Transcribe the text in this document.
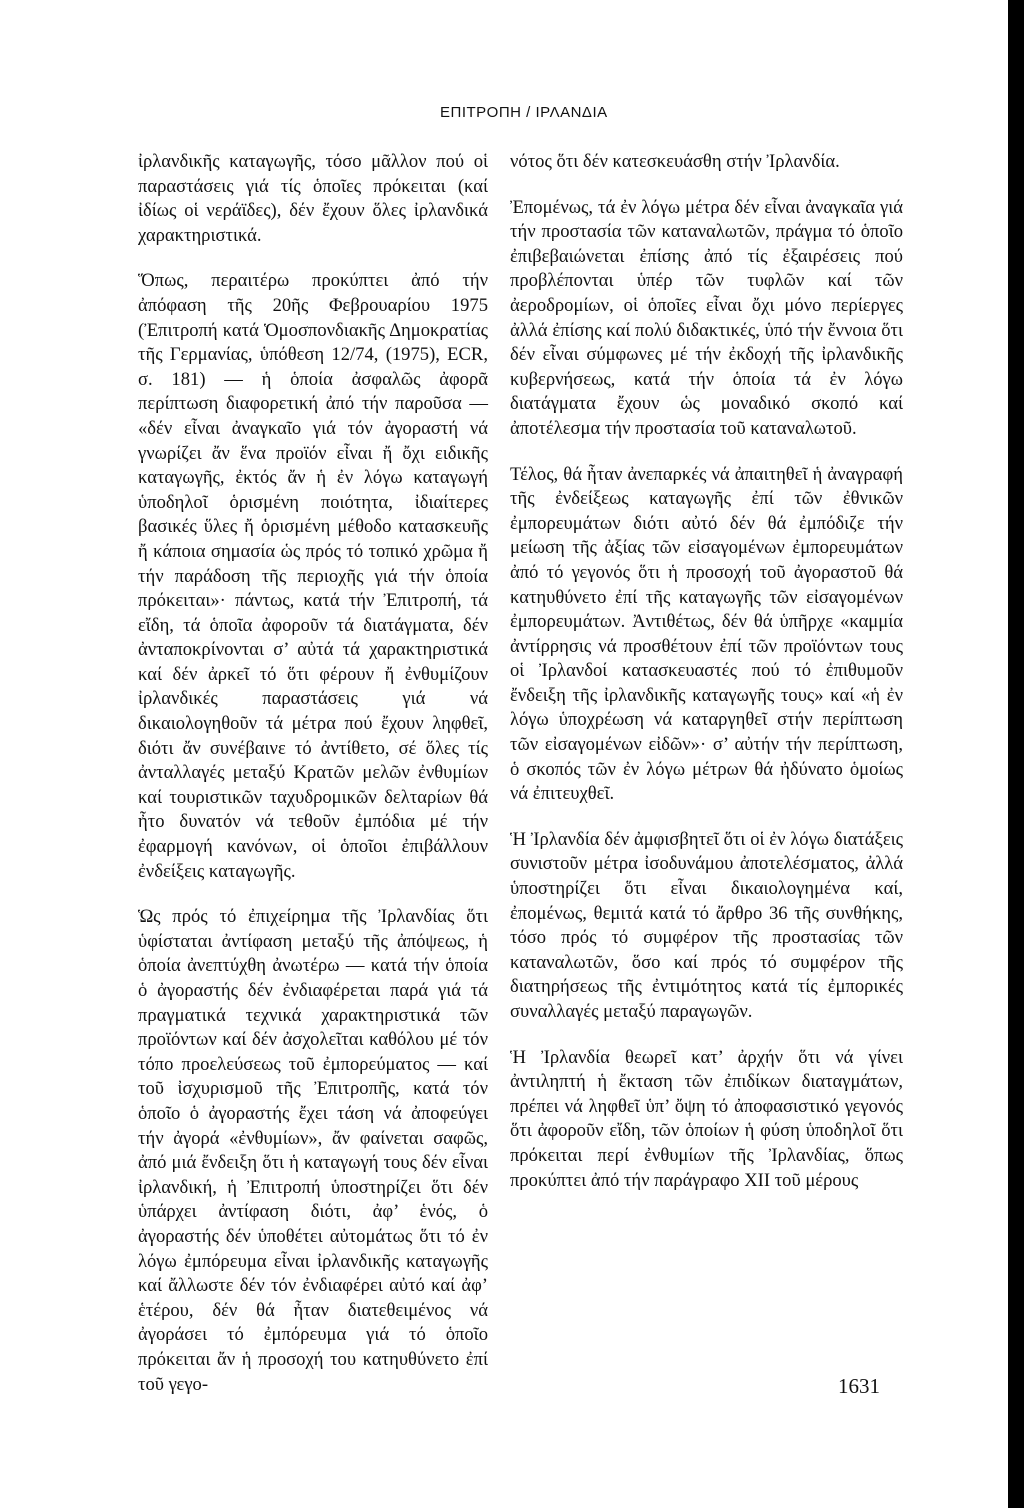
ΕΠΙΤΡΟΠΗ / ΙΡΛΑΝΔΙΑ

ἰρλανδικῆς καταγωγῆς, τόσο μᾶλλον πού οἱ παραστάσεις γιά τίς ὁποῖες πρόκειται (καί ἰδίως οἱ νεράϊδες), δέν ἔχουν ὅλες ἰρλανδικά χαρακτηριστικά.

Ὅπως, περαιτέρω προκύπτει ἀπό τήν ἀπόφαση τῆς 20ῆς Φεβρουαρίου 1975 (Ἐπιτροπή κατά Ὁμοσπονδιακῆς Δημοκρατίας τῆς Γερμανίας, ὑπόθεση 12/74, (1975), ECR, σ. 181) — ἡ ὁποία ἀσφαλῶς ἀφορᾶ περίπτωση διαφορετική ἀπό τήν παροῦσα — «δέν εἶναι ἀναγκαῖο γιά τόν ἀγοραστή νά γνωρίζει ἄν ἕνα προϊόν εἶναι ἤ ὄχι ειδικῆς καταγωγῆς, ἐκτός ἄν ἡ ἐν λόγω καταγωγή ὑποδηλοῖ ὁρισμένη ποιότητα, ἰδιαίτερες βασικές ὕλες ἤ ὁρισμένη μέθοδο κατασκευῆς ἤ κάποια σημασία ὡς πρός τό τοπικό χρῶμα ἤ τήν παράδοση τῆς περιοχῆς γιά τήν ὁποία πρόκειται»· πάντως, κατά τήν Ἐπιτροπή, τά εἴδη, τά ὁποῖα ἀφοροῦν τά διατάγματα, δέν ἀνταποκρίνονται σ’ αὐτά τά χαρακτηριστικά καί δέν ἀρκεῖ τό ὅτι φέρουν ἤ ἐνθυμίζουν ἰρλανδικές παραστάσεις γιά νά δικαιολογηθοῦν τά μέτρα πού ἔχουν ληφθεῖ, διότι ἄν συνέβαινε τό ἀντίθετο, σέ ὅλες τίς ἀνταλλαγές μεταξύ Κρατῶν μελῶν ἐνθυμίων καί τουριστικῶν ταχυδρομικῶν δελταρίων θά ἦτο δυνατόν νά τεθοῦν ἐμπόδια μέ τήν ἐφαρμογή κανόνων, οἱ ὁποῖοι ἐπιβάλλουν ἐνδείξεις καταγωγῆς.

Ὡς πρός τό ἐπιχείρημα τῆς Ἰρλανδίας ὅτι ὑφίσταται ἀντίφαση μεταξύ τῆς ἀπόψεως, ἡ ὁποία ἀνεπτύχθη ἀνωτέρω — κατά τήν ὁποία ὁ ἀγοραστής δέν ἐνδιαφέρεται παρά γιά τά πραγματικά τεχνικά χαρακτηριστικά τῶν προϊόντων καί δέν ἀσχολεῖται καθόλου μέ τόν τόπο προελεύσεως τοῦ ἐμπορεύματος — καί τοῦ ἰσχυρισμοῦ τῆς Ἐπιτροπῆς, κατά τόν ὁποῖο ὁ ἀγοραστής ἔχει τάση νά ἀποφεύγει τήν ἀγορά «ἐνθυμίων», ἄν φαίνεται σαφῶς, ἀπό μιά ἔνδειξη ὅτι ἡ καταγωγή τους δέν εἶναι ἰρλανδική, ἡ Ἐπιτροπή ὑποστηρίζει ὅτι δέν ὑπάρχει ἀντίφαση διότι, ἀφ’ ἑνός, ὁ ἀγοραστής δέν ὑποθέτει αὐτομάτως ὅτι τό ἐν λόγω ἐμπόρευμα εἶναι ἰρλανδικῆς καταγωγῆς καί ἄλλωστε δέν τόν ἐνδιαφέρει αὐτό καί ἀφ’ ἑτέρου, δέν θά ἦταν διατεθειμένος νά ἀγοράσει τό ἐμπόρευμα γιά τό ὁποῖο πρόκειται ἄν ἡ προσοχή του κατηυθύνετο ἐπί τοῦ γεγο-

νότος ὅτι δέν κατεσκευάσθη στήν Ἰρλανδία.

Ἐπομένως, τά ἐν λόγω μέτρα δέν εἶναι ἀναγκαῖα γιά τήν προστασία τῶν καταναλωτῶν, πράγμα τό ὁποῖο ἐπιβεβαιώνεται ἐπίσης ἀπό τίς ἐξαιρέσεις πού προβλέπονται ὑπέρ τῶν τυφλῶν καί τῶν ἀεροδρομίων, οἱ ὁποῖες εἶναι ὄχι μόνο περίεργες ἀλλά ἐπίσης καί πολύ διδακτικές, ὑπό τήν ἔννοια ὅτι δέν εἶναι σύμφωνες μέ τήν ἐκδοχή τῆς ἰρλανδικῆς κυβερνήσεως, κατά τήν ὁποία τά ἐν λόγω διατάγματα ἔχουν ὡς μοναδικό σκοπό καί ἀποτέλεσμα τήν προστασία τοῦ καταναλωτοῦ.

Τέλος, θά ἦταν ἀνεπαρκές νά ἀπαιτηθεῖ ἡ ἀναγραφή τῆς ἐνδείξεως καταγωγῆς ἐπί τῶν ἐθνικῶν ἐμπορευμάτων διότι αὐτό δέν θά ἐμπόδιζε τήν μείωση τῆς ἀξίας τῶν εἰσαγομένων ἐμπορευμάτων ἀπό τό γεγονός ὅτι ἡ προσοχή τοῦ ἀγοραστοῦ θά κατηυθύνετο ἐπί τῆς καταγωγῆς τῶν εἰσαγομένων ἐμπορευμάτων. Ἀντιθέτως, δέν θά ὑπῆρχε «καμμία ἀντίρρησις νά προσθέτουν ἐπί τῶν προϊόντων τους οἱ Ἰρλανδοί κατασκευαστές πού τό ἐπιθυμοῦν ἔνδειξη τῆς ἰρλανδικῆς καταγωγῆς τους» καί «ἡ ἐν λόγω ὑποχρέωση νά καταργηθεῖ στήν περίπτωση τῶν εἰσαγομένων εἰδῶν»· σ’ αὐτήν τήν περίπτωση, ὁ σκοπός τῶν ἐν λόγω μέτρων θά ἠδύνατο ὁμοίως νά ἐπιτευχθεῖ.

Ἡ Ἰρλανδία δέν ἀμφισβητεῖ ὅτι οἱ ἐν λόγω διατάξεις συνιστοῦν μέτρα ἰσοδυνάμου ἀποτελέσματος, ἀλλά ὑποστηρίζει ὅτι εἶναι δικαιολογημένα καί, ἐπομένως, θεμιτά κατά τό ἄρθρο 36 τῆς συνθήκης, τόσο πρός τό συμφέρον τῆς προστασίας τῶν καταναλωτῶν, ὅσο καί πρός τό συμφέρον τῆς διατηρήσεως τῆς ἐντιμότητος κατά τίς ἐμπορικές συναλλαγές μεταξύ παραγωγῶν.

Ἡ Ἰρλανδία θεωρεῖ κατ’ ἀρχήν ὅτι νά γίνει ἀντιληπτή ἡ ἔκταση τῶν ἐπιδίκων διαταγμάτων, πρέπει νά ληφθεῖ ὑπ’ ὄψη τό ἀποφασιστικό γεγονός ὅτι ἀφοροῦν εἴδη, τῶν ὁποίων ἡ φύση ὑποδηλοῖ ὅτι πρόκειται περί ἐνθυμίων τῆς Ἰρλανδίας, ὅπως προκύπτει ἀπό τήν παράγραφο XII τοῦ μέρους

1631
